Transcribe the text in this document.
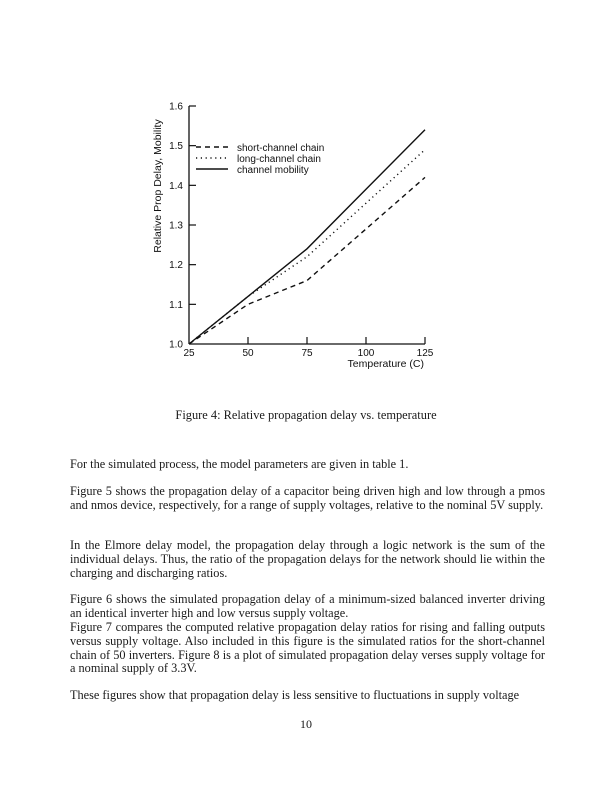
1.0
1.1
1.2
1.3
1.4
1.5
1.6
25	50	75	100	125
Relative Prop Delay, Mobility
Temperature (C)
short-channel chain
long-channel chain
channel mobility
Figure 4: Relative propagation delay vs. temperature

For the simulated process, the model parameters are given in table 1.

Figure 5 shows the propagation delay of a capacitor being driven high and low through a pmos and nmos device, respectively, for a range of supply voltages, relative to the nominal 5V supply.

In the Elmore delay model, the propagation delay through a logic network is the sum of the individual delays. Thus, the ratio of the propagation delays for the network should lie within the charging and discharging ratios.

Figure 6 shows the simulated propagation delay of a minimum-sized balanced inverter driving an identical inverter high and low versus supply voltage.

Figure 7 compares the computed relative propagation delay ratios for rising and falling outputs versus supply voltage. Also included in this figure is the simulated ratios for the short-channel chain of 50 inverters. Figure 8 is a plot of simulated propagation delay verses supply voltage for a nominal supply of 3.3V.

These figures show that propagation delay is less sensitive to fluctuations in supply voltage

10
